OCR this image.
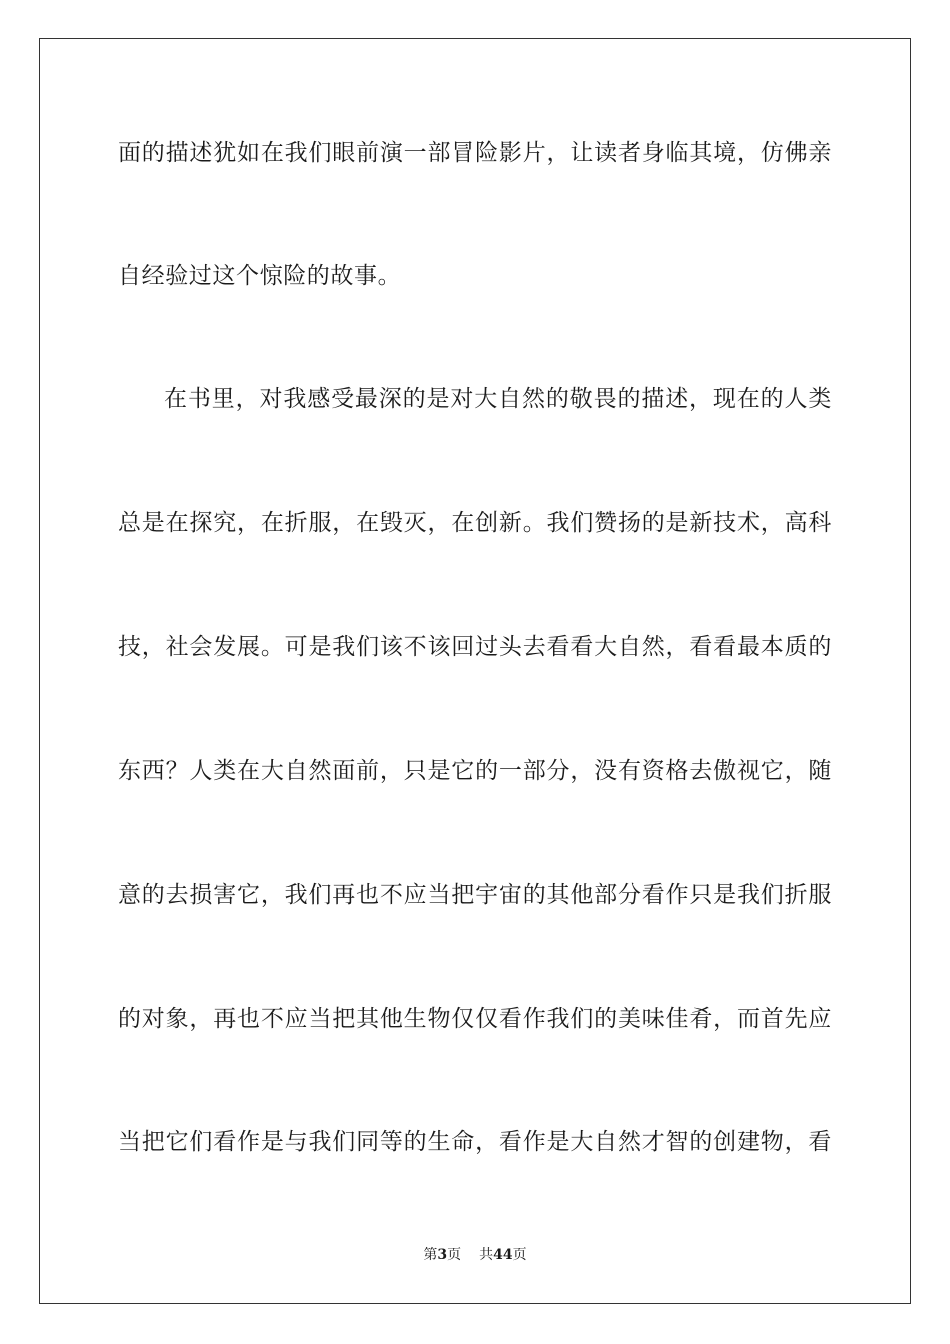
面的描述犹如在我们眼前演一部冒险影片，让读者身临其境，仿佛亲
自经验过这个惊险的故事。
在书里，对我感受最深的是对大自然的敬畏的描述，现在的人类
总是在探究，在折服，在毁灭，在创新。我们赞扬的是新技术，高科
技，社会发展。可是我们该不该回过头去看看大自然，看看最本质的
东西？人类在大自然面前，只是它的一部分，没有资格去傲视它，随
意的去损害它，我们再也不应当把宇宙的其他部分看作只是我们折服
的对象，再也不应当把其他生物仅仅看作我们的美味佳肴，而首先应
当把它们看作是与我们同等的生命，看作是大自然才智的创建物，看
第3页 共44页
